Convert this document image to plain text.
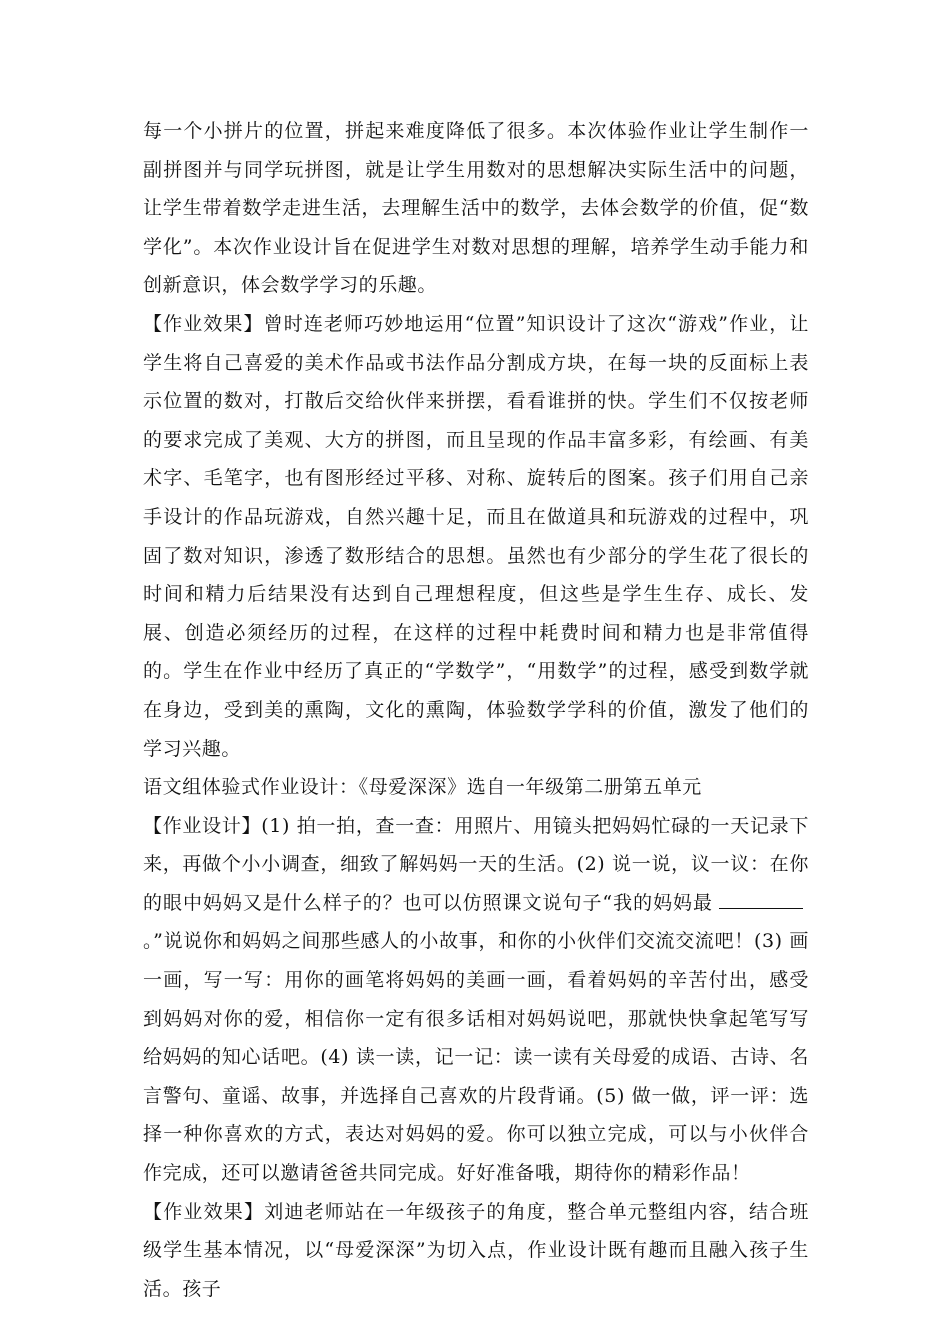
每一个小拼片的位置，拼起来难度降低了很多。本次体验作业让学生制作一副拼图并与同学玩拼图，就是让学生用数对的思想解决实际生活中的问题，让学生带着数学走进生活，去理解生活中的数学，去体会数学的价值，促“数学化”。本次作业设计旨在促进学生对数对思想的理解，培养学生动手能力和创新意识，体会数学学习的乐趣。

【作业效果】曾时连老师巧妙地运用“位置”知识设计了这次“游戏”作业，让学生将自己喜爱的美术作品或书法作品分割成方块，在每一块的反面标上表示位置的数对，打散后交给伙伴来拼摆，看看谁拼的快。学生们不仅按老师的要求完成了美观、大方的拼图，而且呈现的作品丰富多彩，有绘画、有美术字、毛笔字，也有图形经过平移、对称、旋转后的图案。孩子们用自己亲手设计的作品玩游戏，自然兴趣十足，而且在做道具和玩游戏的过程中，巩固了数对知识，渗透了数形结合的思想。虽然也有少部分的学生花了很长的时间和精力后结果没有达到自己理想程度，但这些是学生生存、成长、发展、创造必须经历的过程，在这样的过程中耗费时间和精力也是非常值得的。学生在作业中经历了真正的“学数学”，“用数学”的过程，感受到数学就在身边，受到美的熏陶，文化的熏陶，体验数学学科的价值，激发了他们的学习兴趣。

语文组体验式作业设计：《母爱深深》选自一年级第二册第五单元

【作业设计】(1) 拍一拍，查一查：用照片、用镜头把妈妈忙碌的一天记录下来，再做个小小调查，细致了解妈妈一天的生活。(2) 说一说，议一议：在你的眼中妈妈又是什么样子的？也可以仿照课文说句子“我的妈妈最。”说说你和妈妈之间那些感人的小故事，和你的小伙伴们交流交流吧！(3) 画一画，写一写：用你的画笔将妈妈的美画一画，看着妈妈的辛苦付出，感受到妈妈对你的爱，相信你一定有很多话相对妈妈说吧，那就快快拿起笔写写给妈妈的知心话吧。(4) 读一读，记一记：读一读有关母爱的成语、古诗、名言警句、童谣、故事，并选择自己喜欢的片段背诵。(5) 做一做，评一评：选择一种你喜欢的方式，表达对妈妈的爱。你可以独立完成，可以与小伙伴合作完成，还可以邀请爸爸共同完成。好好准备哦，期待你的精彩作品！

【作业效果】刘迪老师站在一年级孩子的角度，整合单元整组内容，结合班级学生基本情况，以“母爱深深”为切入点，作业设计既有趣而且融入孩子生活。孩子
